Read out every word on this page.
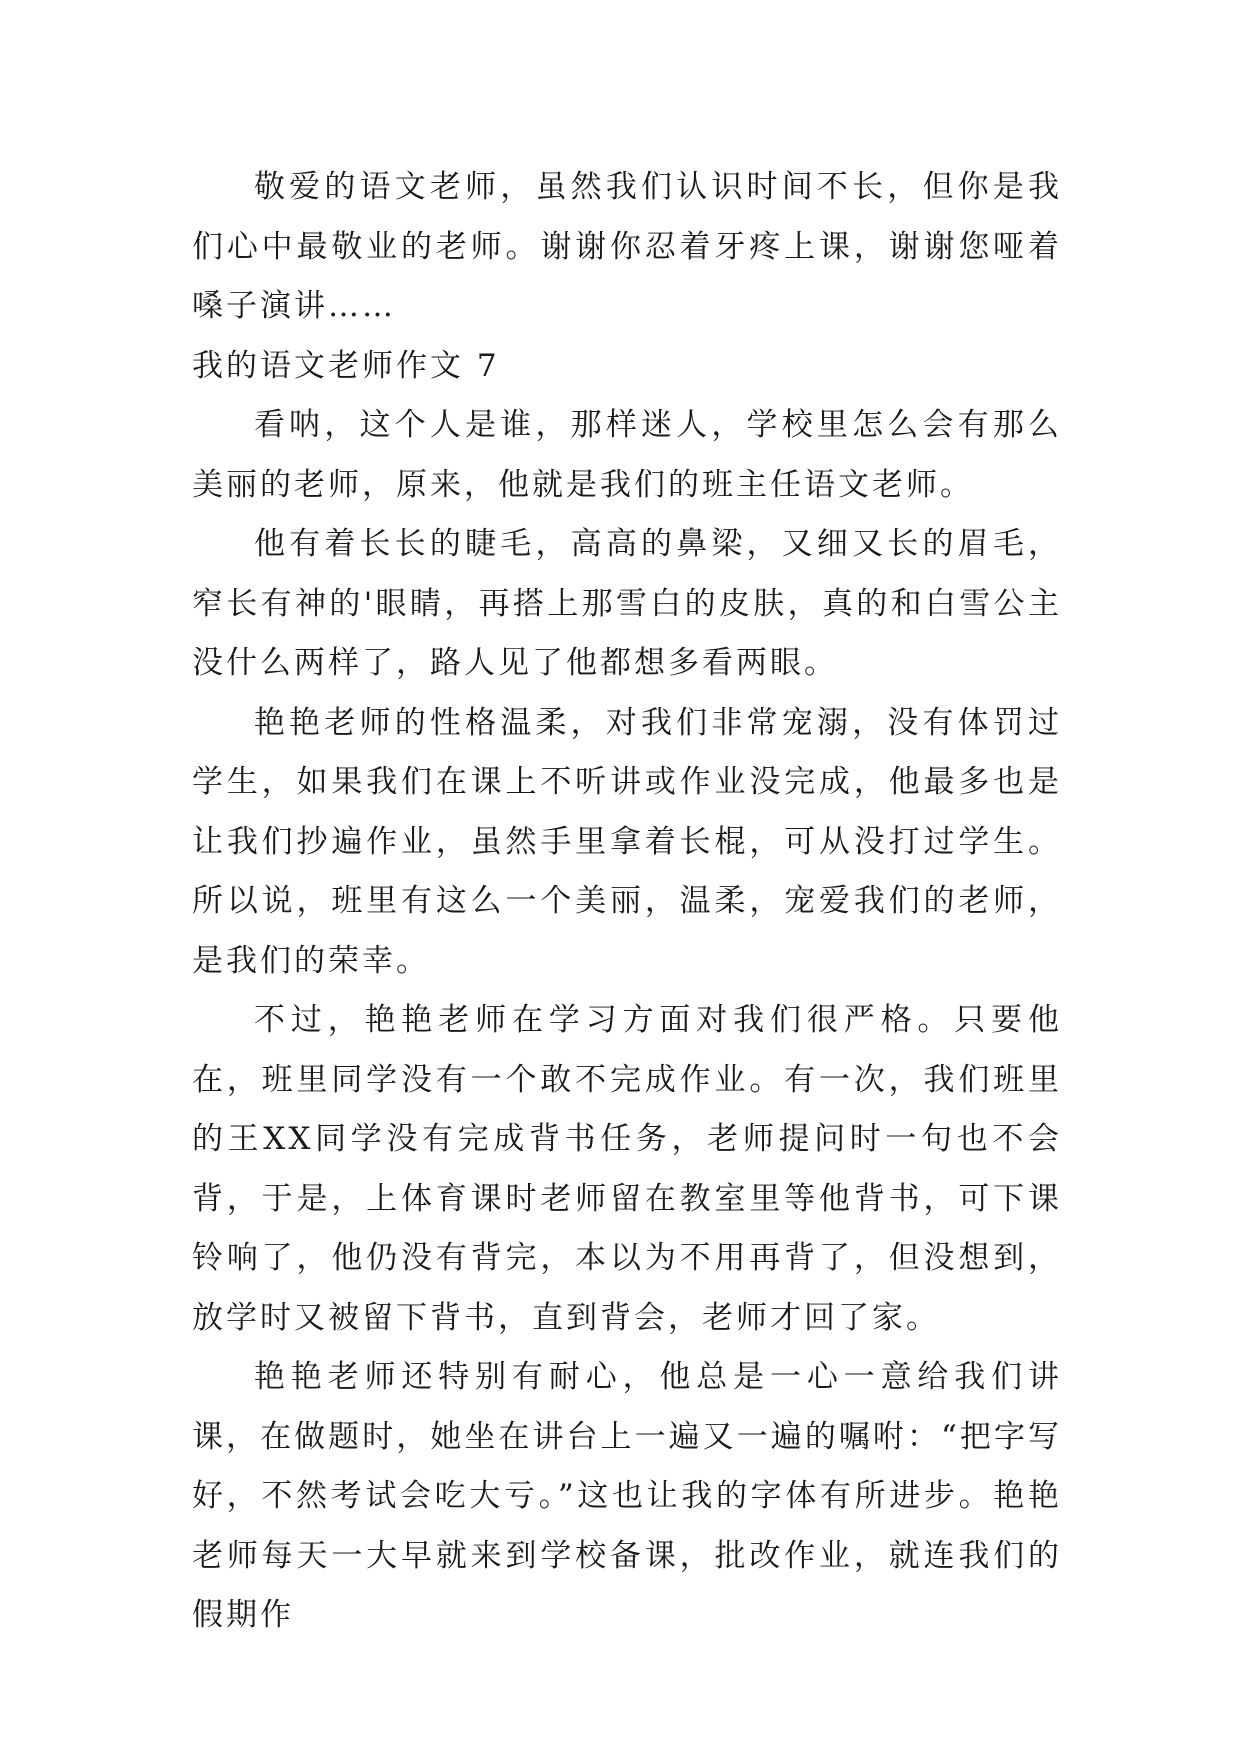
敬爱的语文老师，虽然我们认识时间不长，但你是我们心中最敬业的老师。谢谢你忍着牙疼上课，谢谢您哑着嗓子演讲……

我的语文老师作文 7

看呐，这个人是谁，那样迷人，学校里怎么会有那么美丽的老师，原来，他就是我们的班主任语文老师。

他有着长长的睫毛，高高的鼻梁，又细又长的眉毛，窄长有神的'眼睛，再搭上那雪白的皮肤，真的和白雪公主没什么两样了，路人见了他都想多看两眼。

艳艳老师的性格温柔，对我们非常宠溺，没有体罚过学生，如果我们在课上不听讲或作业没完成，他最多也是让我们抄遍作业，虽然手里拿着长棍，可从没打过学生。所以说，班里有这么一个美丽，温柔，宠爱我们的老师，是我们的荣幸。

不过，艳艳老师在学习方面对我们很严格。只要他在，班里同学没有一个敢不完成作业。有一次，我们班里的王XX同学没有完成背书任务，老师提问时一句也不会背，于是，上体育课时老师留在教室里等他背书，可下课铃响了，他仍没有背完，本以为不用再背了，但没想到，放学时又被留下背书，直到背会，老师才回了家。

艳艳老师还特别有耐心，他总是一心一意给我们讲课，在做题时，她坐在讲台上一遍又一遍的嘱咐：“把字写好，不然考试会吃大亏。”这也让我的字体有所进步。艳艳老师每天一大早就来到学校备课，批改作业，就连我们的假期作
